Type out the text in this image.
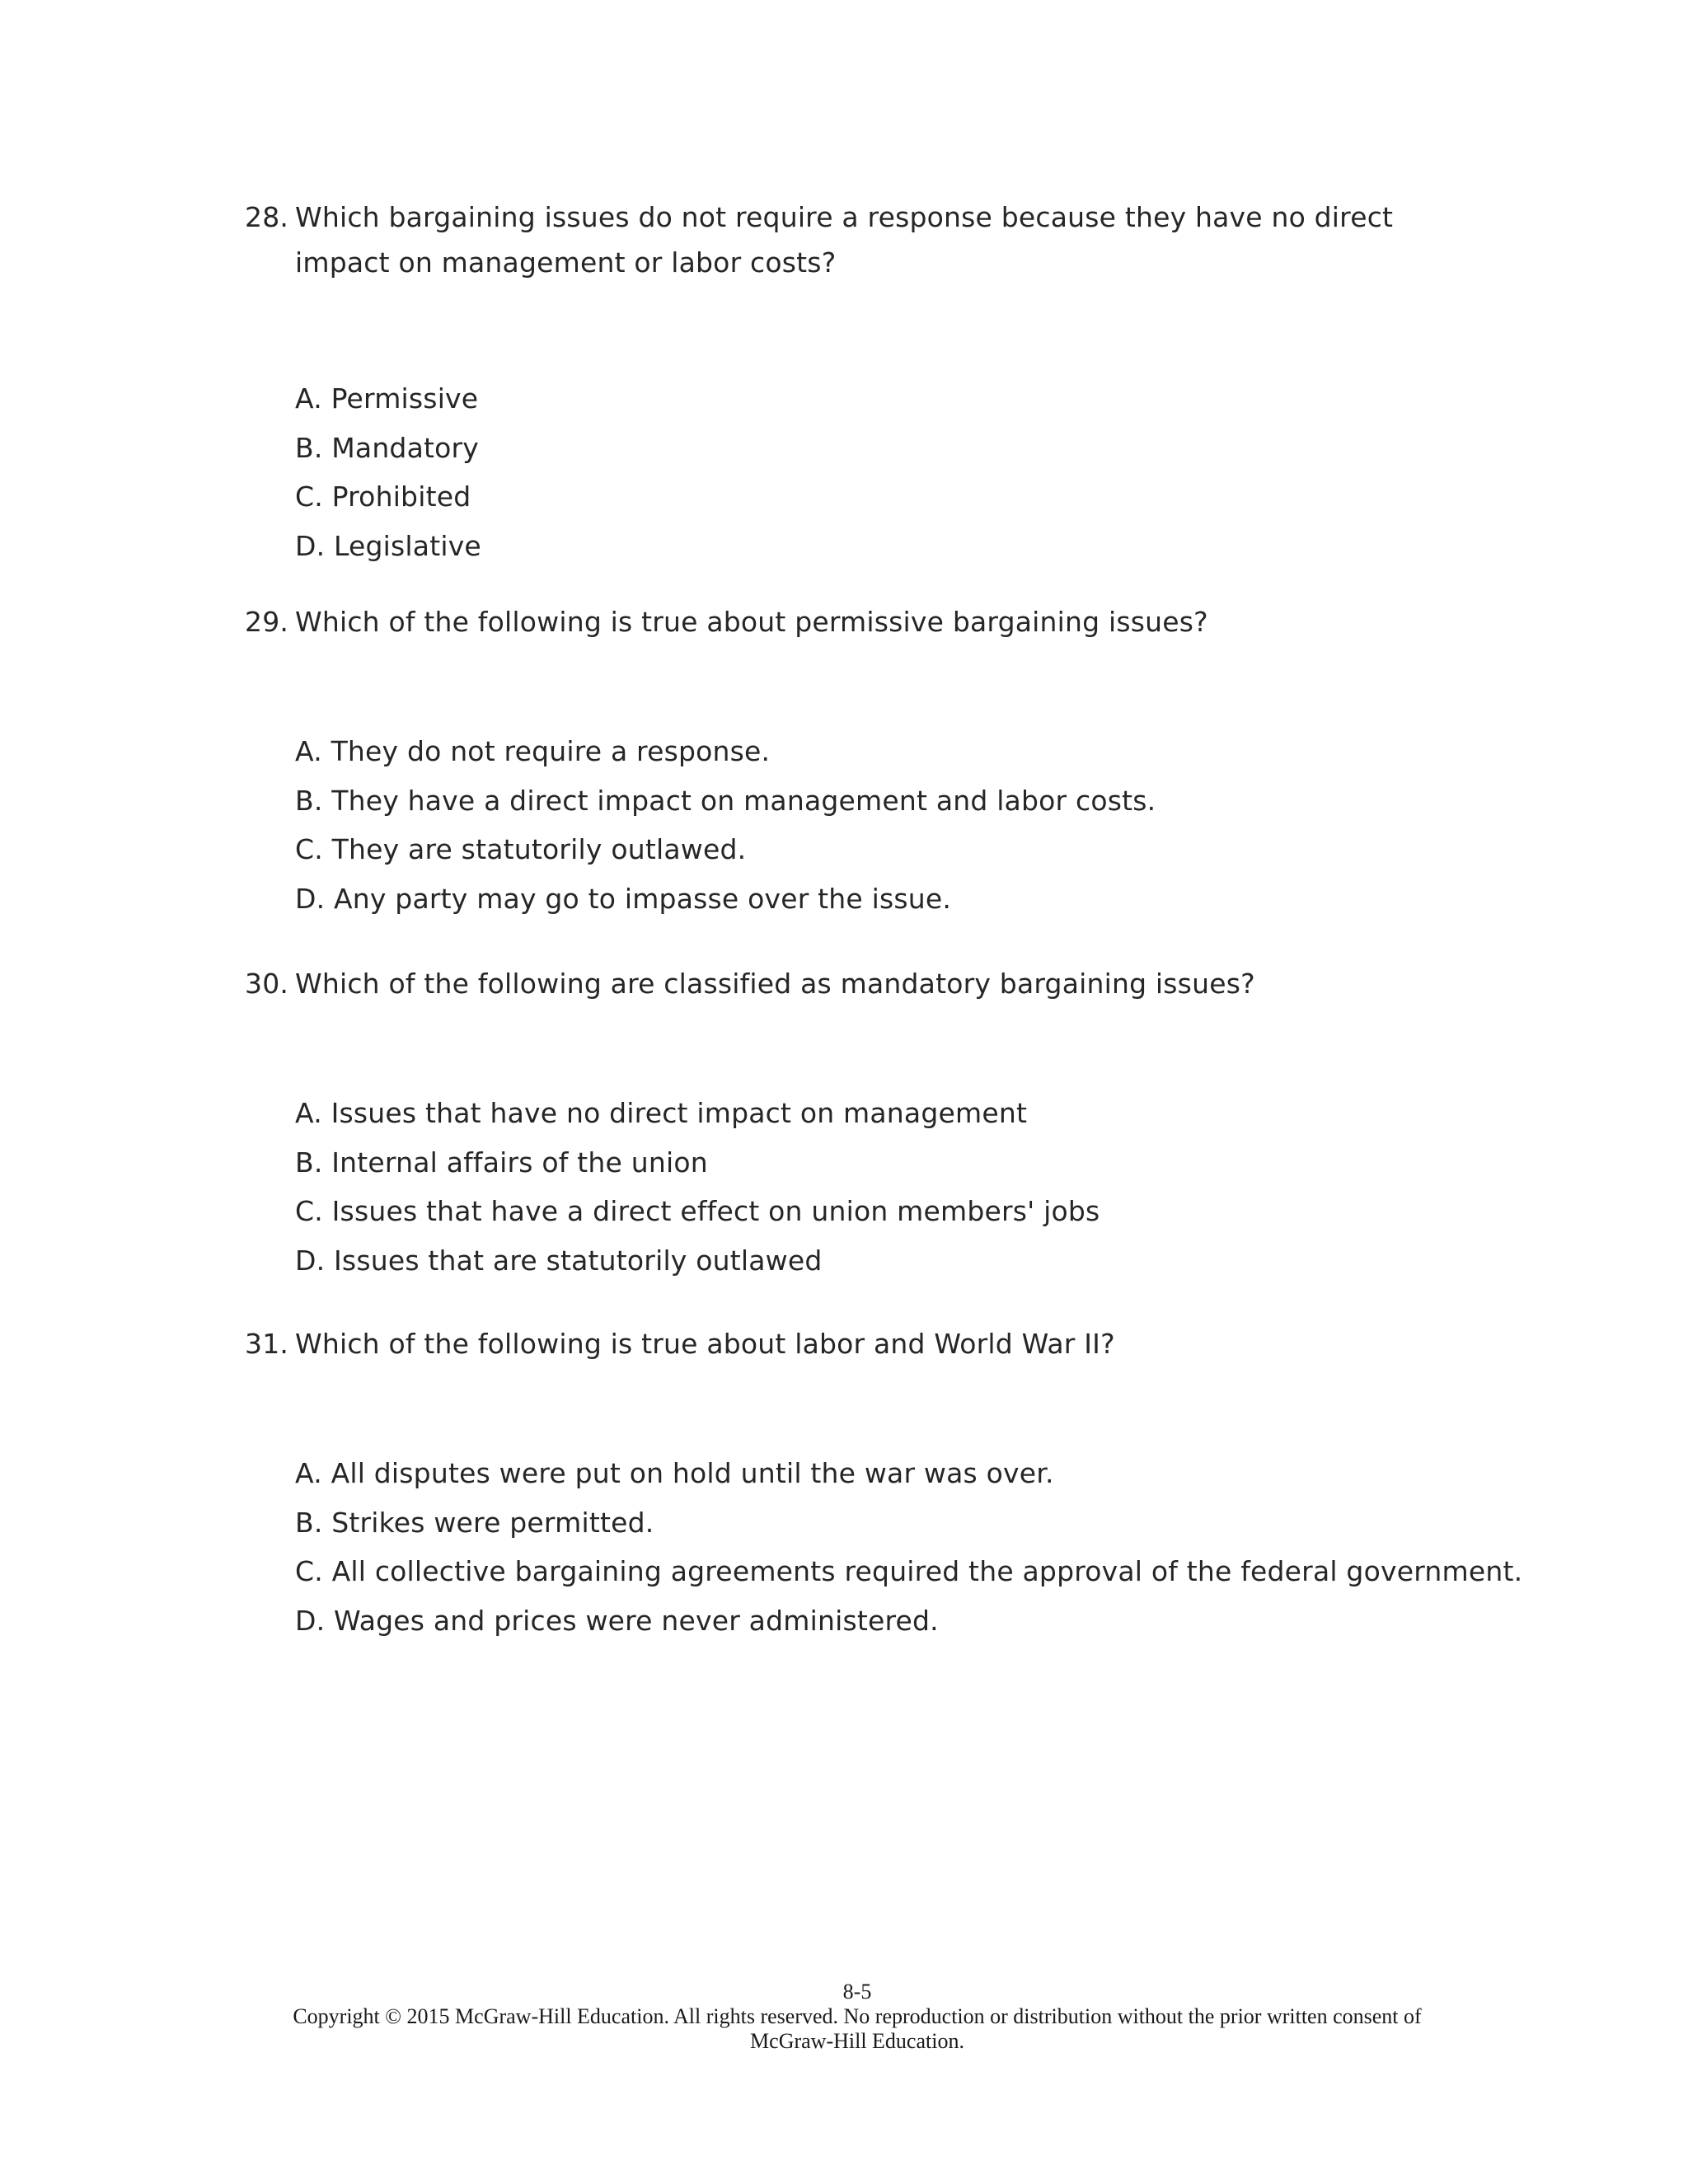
28. Which bargaining issues do not require a response because they have no direct impact on management or labor costs?
A. Permissive
B. Mandatory
C. Prohibited
D. Legislative
29. Which of the following is true about permissive bargaining issues?
A. They do not require a response.
B. They have a direct impact on management and labor costs.
C. They are statutorily outlawed.
D. Any party may go to impasse over the issue.
30. Which of the following are classified as mandatory bargaining issues?
A. Issues that have no direct impact on management
B. Internal affairs of the union
C. Issues that have a direct effect on union members' jobs
D. Issues that are statutorily outlawed
31. Which of the following is true about labor and World War II?
A. All disputes were put on hold until the war was over.
B. Strikes were permitted.
C. All collective bargaining agreements required the approval of the federal government.
D. Wages and prices were never administered.
8-5
Copyright © 2015 McGraw-Hill Education. All rights reserved. No reproduction or distribution without the prior written consent of
McGraw-Hill Education.
